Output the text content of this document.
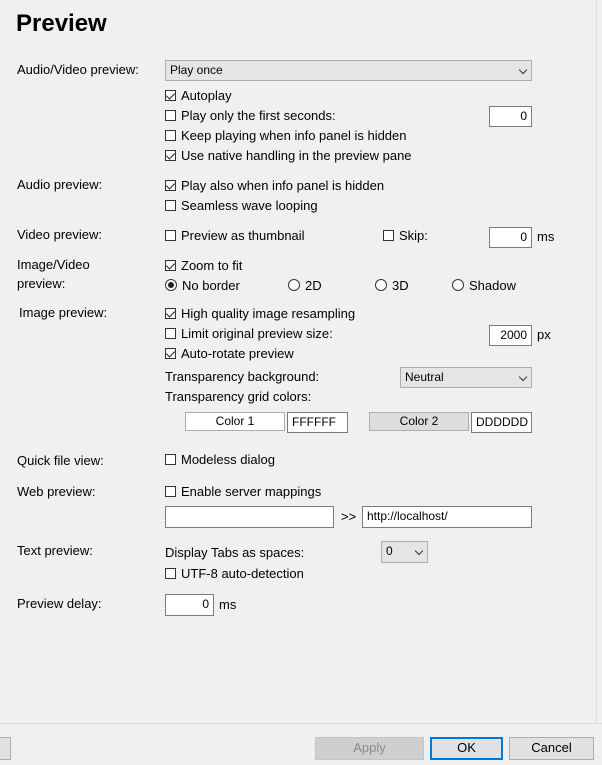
Preview
Audio/Video preview:	Play once
Autoplay
Play only the first seconds:	0
Keep playing when info panel is hidden
Use native handling in the preview pane
Audio preview:	Play also when info panel is hidden
Seamless wave looping
Video preview:	Preview as thumbnail	Skip:	0 ms
Image/Video
preview:
Zoom to fit
No border	2D	3D	Shadow
Image preview:	High quality image resampling
Limit original preview size:	2000 px
Auto-rotate preview
Transparency background:	Neutral
Transparency grid colors:
Color 1	FFFFFF	Color 2	DDDDDD
Quick file view:	Modeless dialog
Web preview:	Enable server mappings
>> http://localhost/
Text preview:	Display Tabs as spaces:	0
UTF-8 auto-detection
Preview delay:	0 ms
Apply	OK	Cancel
